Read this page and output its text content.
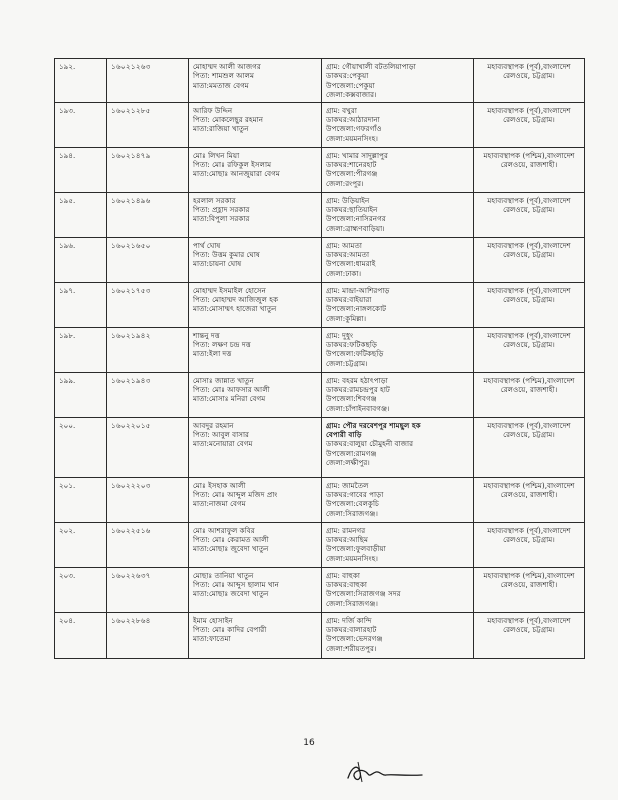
১৯২.	১৬০২১২৬৩	মোহাম্মদ আলী আজগর
পিতা: শামশুল আলম
মাতা:মমতাজ বেগম	গ্রাম: গৌয়াখালী বটতলিয়াপাড়া
ডাকঘর:পেকুয়া
উপজেলা:পেকুয়া
জেলা:কক্সবাজার।	মহাব্যবস্থাপক (পূর্ব),বাংলাদেশ রেলওয়ে, চট্টগ্রাম।

১৯৩.	১৬০২১২৮৫	আরিফ উদ্দিন
পিতা: মোকলেছুর রহমান
মাতা:রাজিয়া খাতুন	গ্রাম: বখুরা
ডাকঘর:আঠারদানা
উপজেলা:গফরগাঁও
জেলা:ময়মনসিংহ।	মহাব্যবস্থাপক (পূর্ব),বাংলাদেশ রেলওয়ে, চট্টগ্রাম।

১৯৪.	১৬০২১৪৭৯	মোঃ লিখন মিয়া
পিতা: মোঃ রফিকুল ইসলাম
মাতা:মোছাঃ আনজুয়ারা বেগম	গ্রাম: খামার সাদুল্লাপুর
ডাকঘর:শানেরহাট
উপজেলা:পীরগঞ্জ
জেলা:রংপুর।	মহাব্যবস্থাপক (পশ্চিম),বাংলাদেশ রেলওয়ে, রাজশাহী।

১৯৫.	১৬০২১৪৯৬	হরলাল সরকার
পিতা: প্রহ্লাদ সরকার
মাতা:বিপুলা সরকার	গ্রাম: উড়িয়াইন
ডাকঘর:ছাতিয়াইন
উপজেলা:নাসিরনগর
জেলা:ব্রাহ্মণবাড়িয়া।	মহাব্যবস্থাপক (পূর্ব),বাংলাদেশ রেলওয়ে, চট্টগ্রাম।

১৯৬.	১৬০২১৬৫০	পার্থ ঘোষ
পিতা: উত্তম কুমার ঘোষ
মাতা:চায়না ঘোষ	গ্রাম: আমতা
ডাকঘর:আমতা
উপজেলা:ধামরাই
জেলা:ঢাকা।	মহাব্যবস্থাপক (পূর্ব),বাংলাদেশ রেলওয়ে, চট্টগ্রাম।

১৯৭.	১৬০২১৭৫৩	মোহাম্মদ ইসমাইল হোসেন
পিতা: মোহাম্মদ আজিজুল হক
মাতা:মোসাম্মৎ হাজেরা খাতুন	গ্রাম: মান্দ্রা-আশিরপাড়
ডাকঘর:বাইয়ারা
উপজেলা:নাঙ্গলকোট
জেলা:কুমিল্লা।	মহাব্যবস্থাপক (পূর্ব),বাংলাদেশ রেলওয়ে, চট্টগ্রাম।

১৯৮.	১৬০২১৯৪২	শান্তনু দত্ত
পিতা: লক্ষণ চন্দ্র দত্ত
মাতা:ইলা দত্ত	গ্রাম: দুধুং
ডাকঘর:ফটিকছড়ি
উপজেলা:ফটিকছড়ি
জেলা:চট্টগ্রাম।	মহাব্যবস্থাপক (পূর্ব),বাংলাদেশ রেলওয়ে, চট্টগ্রাম।

১৯৯.	১৬০২১৯৪৩	মোসাঃ জান্নাত খাতুন
পিতা: মোঃ আফসার আলী
মাতা:মোসাঃ মনিরা বেগম	গ্রাম: বহরম হঠাৎপাড়া
ডাকঘর:রামচন্দ্রপুর হাট
উপজেলা:শিবগঞ্জ
জেলা:চাঁপাইনবাবগঞ্জ।	মহাব্যবস্থাপক (পশ্চিম),বাংলাদেশ রেলওয়ে, রাজশাহী।

২০০.	১৬০২২০১৫	আবদুর রহমান
পিতা: আবুল বাসার
মাতা:মনোয়ারা বেগম	গ্রাম: পৌর দরবেশপুর শামছুল হক
বেপারী বাড়ি
ডাকঘর:বালুয়া চৌমুহনী বাজার
উপজেলা:রামগঞ্জ
জেলা:লক্ষীপুর।	মহাব্যবস্থাপক (পূর্ব),বাংলাদেশ রেলওয়ে, চট্টগ্রাম।

২০১.	১৬০২২২০৩	মোঃ ইসহাক আলী
পিতা: মোঃ আব্দুল মজিদ প্রাং
মাতা:নাজমা বেগম	গ্রাম: জামতৈল
ডাকঘর:গাবের পাড়া
উপজেলা:বেলকুচি
জেলা:সিরাজগঞ্জ।	মহাব্যবস্থাপক (পশ্চিম),বাংলাদেশ রেলওয়ে, রাজশাহী।

২০২.	১৬০২২৫১৬	মোঃ আশরাফুল কবির
পিতা: মোঃ কেরামত আলী
মাতা:মোছাঃ জুবেদা খাতুন	গ্রাম: রামনগর
ডাকঘর:আছিম
উপজেলা:ফুলবাড়ীয়া
জেলা:ময়মনসিংহ।	মহাব্যবস্থাপক (পূর্ব),বাংলাদেশ রেলওয়ে, চট্টগ্রাম।

২০৩.	১৬০২২৬৩৭	মোছাঃ তানিয়া খাতুন
পিতা: মোঃ আব্দুস ছালাম খান
মাতা:মোছাঃ জবেদা খাতুন	গ্রাম: বাহুকা
ডাকঘর:বাহুকা
উপজেলা:সিরাজগঞ্জ সদর
জেলা:সিরাজগঞ্জ।	মহাব্যবস্থাপক (পশ্চিম),বাংলাদেশ রেলওয়ে, রাজশাহী।

২০৪.	১৬০২২৮৬৪	ইমাম হোসাইন
পিতা: মোঃ কাদির বেপারী
মাতা:ফাতেমা	গ্রাম: দর্জি কান্দি
ডাকঘর:বালারহাট
উপজেলা:ভেদরগঞ্জ
জেলা:শরীয়তপুর।	মহাব্যবস্থাপক (পূর্ব),বাংলাদেশ রেলওয়ে, চট্টগ্রাম।
16
